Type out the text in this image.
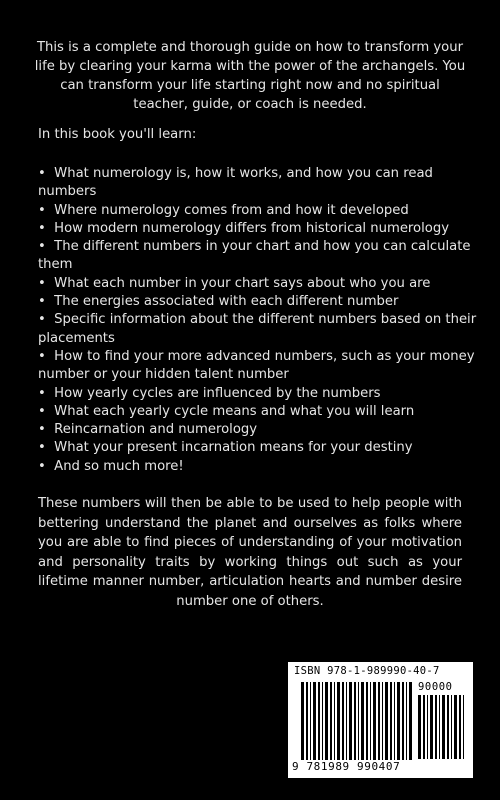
This is a complete and thorough guide on how to transform your life by clearing your karma with the power of the archangels. You can transform your life starting right now and no spiritual teacher, guide, or coach is needed.

In this book you'll learn:

•  What numerology is, how it works, and how you can read numbers
•  Where numerology comes from and how it developed
•  How modern numerology differs from historical numerology
•  The different numbers in your chart and how you can calculate them
•  What each number in your chart says about who you are
•  The energies associated with each different number
•  Specific information about the different numbers based on their placements
•  How to find your more advanced numbers, such as your money number or your hidden talent number
•  How yearly cycles are influenced by the numbers
•  What each yearly cycle means and what you will learn
•  Reincarnation and numerology
•  What your present incarnation means for your destiny
•  And so much more!

These numbers will then be able to be used to help people with bettering understand the planet and ourselves as folks where you are able to find pieces of understanding of your motivation and personality traits by working things out such as your lifetime manner number, articulation hearts and number desire number one of others.

ISBN 978-1-989990-40-7
9 781989 990407
90000
